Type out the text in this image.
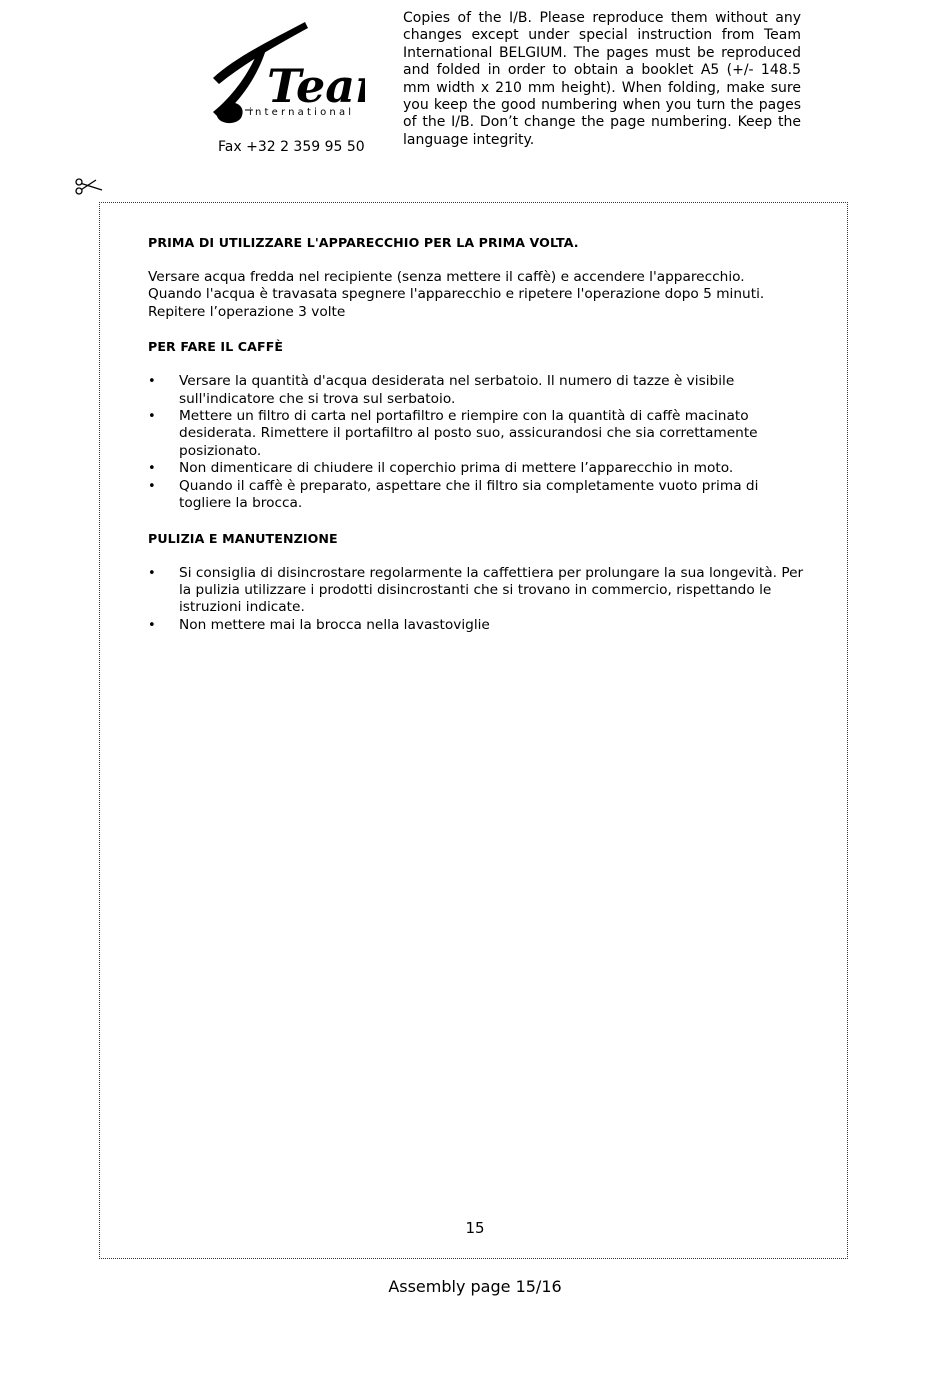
Tea
international
Fax +32 2 359 95 50
Copies of the I/B. Please reproduce them without any changes except under special instruction from Team International BELGIUM. The pages must be reproduced and folded in order to obtain a booklet A5 (+/- 148.5 mm width x 210 mm height). When folding, make sure you keep the good numbering when you turn the pages of the I/B. Don’t change the page numbering. Keep the language integrity.
PRIMA DI UTILIZZARE L'APPARECCHIO PER LA PRIMA VOLTA.
Versare acqua fredda nel recipiente (senza mettere il caffè) e accendere l'apparecchio.
Quando l'acqua è travasata spegnere l'apparecchio e ripetere l'operazione dopo 5 minuti.
Repitere l’operazione 3 volte
PER FARE IL CAFFÈ
• Versare la quantità d'acqua desiderata nel serbatoio. Il numero di tazze è visibile sull'indicatore che si trova sul serbatoio.
• Mettere un filtro di carta nel portafiltro e riempire con la quantità di caffè macinato desiderata. Rimettere il portafiltro al posto suo, assicurandosi che sia correttamente posizionato.
• Non dimenticare di chiudere il coperchio prima di mettere l’apparecchio in moto.
• Quando il caffè è preparato, aspettare che il filtro sia completamente vuoto prima di togliere la brocca.
PULIZIA E MANUTENZIONE
• Si consiglia di disincrostare regolarmente la caffettiera per prolungare la sua longevità. Per la pulizia utilizzare i prodotti disincrostanti che si trovano in commercio, rispettando le istruzioni indicate.
• Non mettere mai la brocca nella lavastoviglie
15
Assembly page 15/16
